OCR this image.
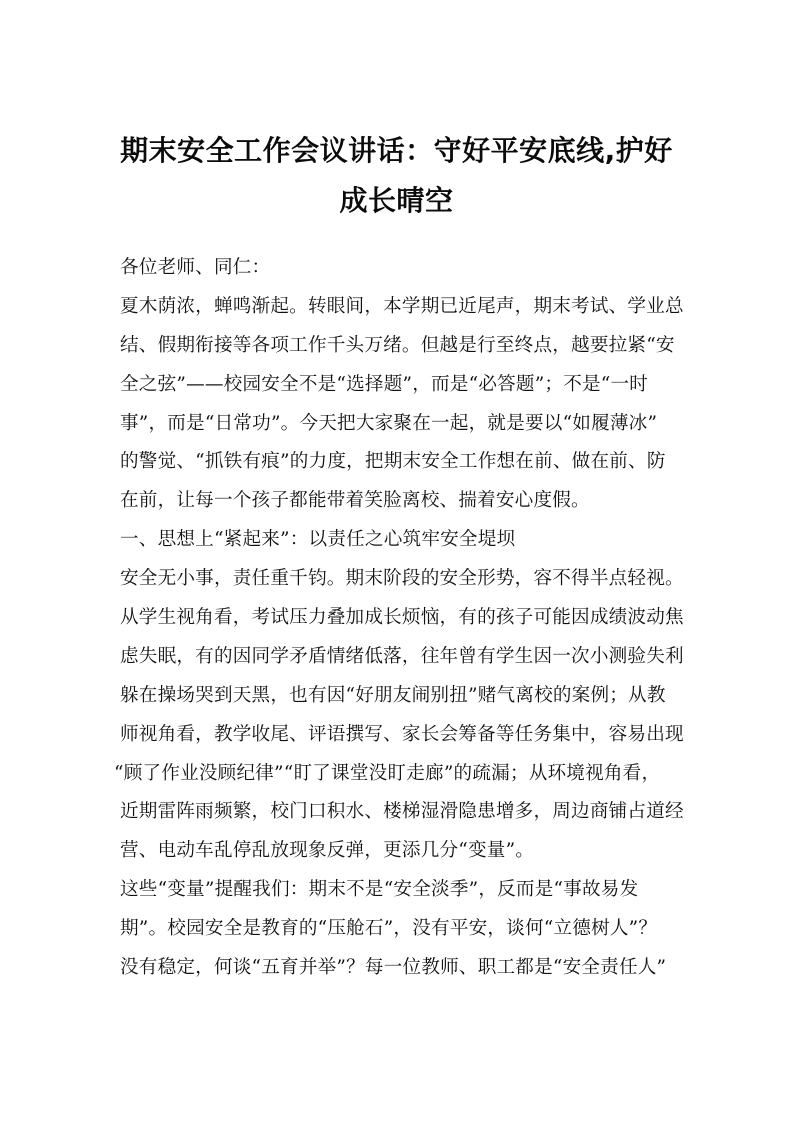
期末安全工作会议讲话：守好平安底线,护好
成长晴空
各位老师、同仁：
夏木荫浓，蝉鸣渐起。转眼间，本学期已近尾声，期末考试、学业总
结、假期衔接等各项工作千头万绪。但越是行至终点，越要拉紧“安
全之弦”——校园安全不是“选择题”，而是“必答题”；不是“一时
事”，而是“日常功”。今天把大家聚在一起，就是要以“如履薄冰”
的警觉、“抓铁有痕”的力度，把期末安全工作想在前、做在前、防
在前，让每一个孩子都能带着笑脸离校、揣着安心度假。
一、思想上“紧起来”：以责任之心筑牢安全堤坝
安全无小事，责任重千钧。期末阶段的安全形势，容不得半点轻视。
从学生视角看，考试压力叠加成长烦恼，有的孩子可能因成绩波动焦
虑失眠，有的因同学矛盾情绪低落，往年曾有学生因一次小测验失利
躲在操场哭到天黑，也有因“好朋友闹别扭”赌气离校的案例；从教
师视角看，教学收尾、评语撰写、家长会筹备等任务集中，容易出现
“顾了作业没顾纪律”“盯了课堂没盯走廊”的疏漏；从环境视角看，
近期雷阵雨频繁，校门口积水、楼梯湿滑隐患增多，周边商铺占道经
营、电动车乱停乱放现象反弹，更添几分“变量”。
这些“变量”提醒我们：期末不是“安全淡季”，反而是“事故易发
期”。校园安全是教育的“压舱石”，没有平安，谈何“立德树人”？
没有稳定，何谈“五育并举”？每一位教师、职工都是“安全责任人”
